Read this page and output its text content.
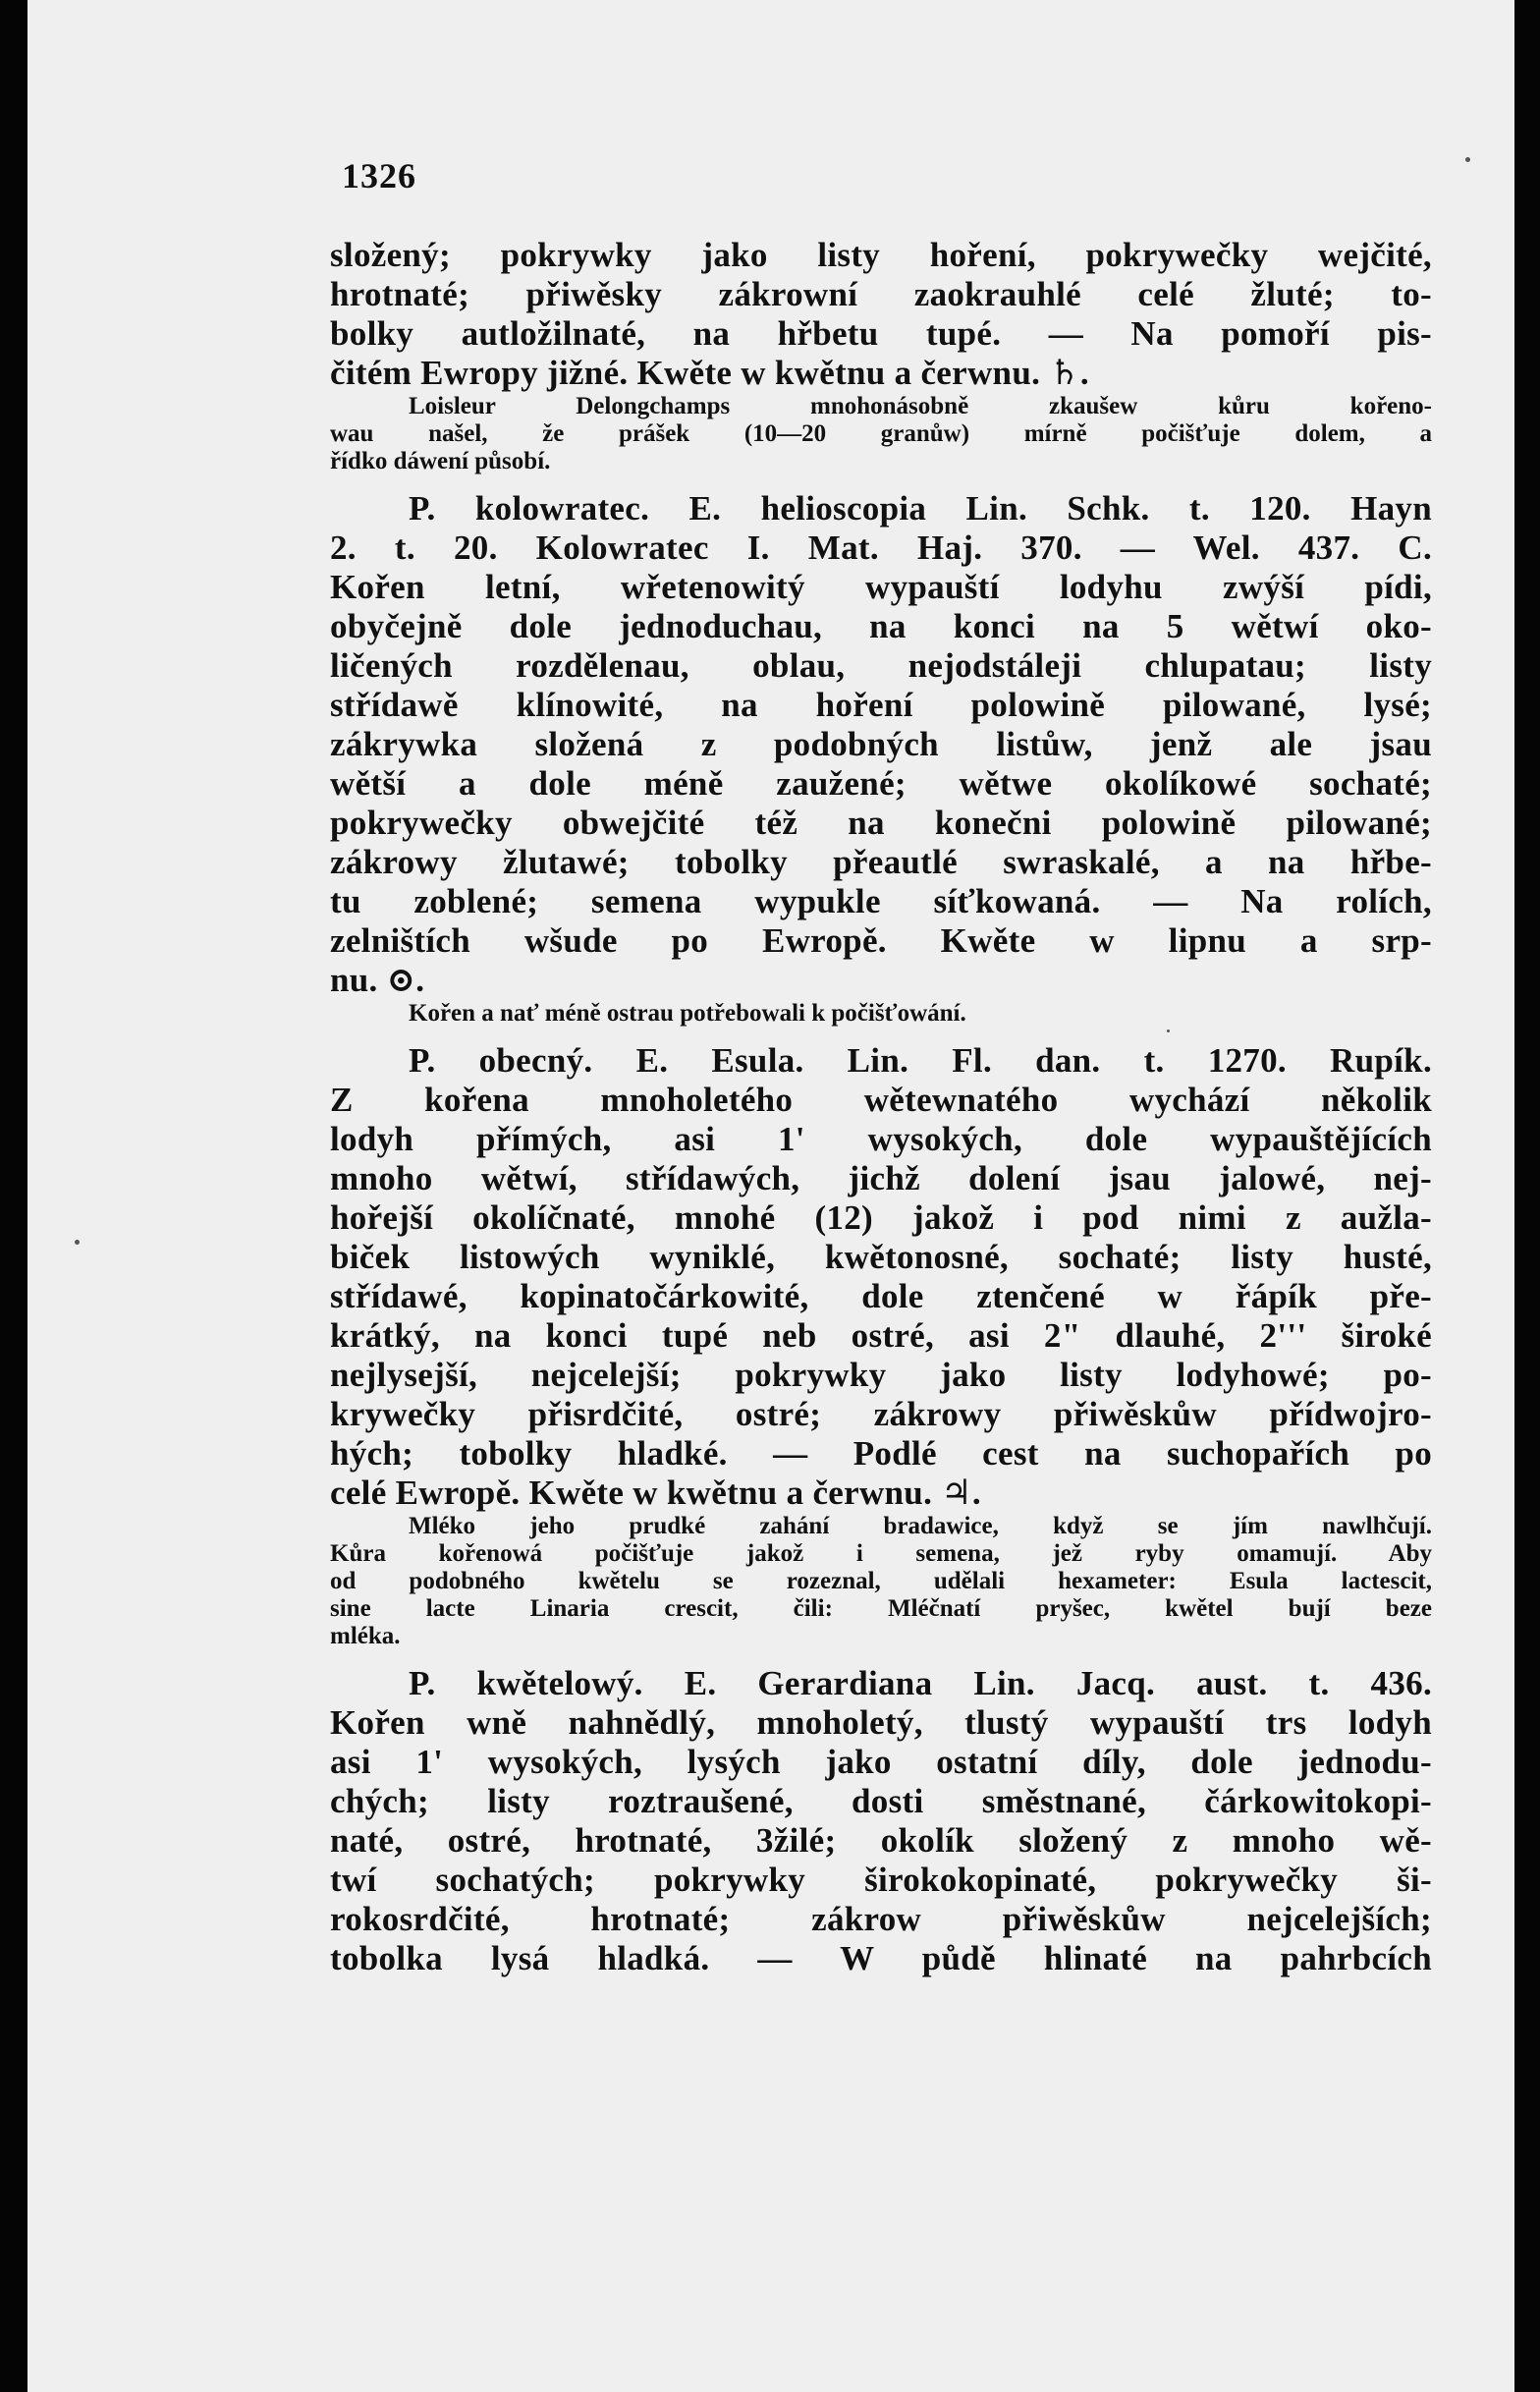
1326
složený; pokrywky jako listy hoření, pokrywečky wejčité,
hrotnaté; přiwěsky zákrowní zaokrauhlé celé žluté; to-
bolky autložilnaté, na hřbetu tupé. — Na pomoří pis-
čitém Ewropy jižné. Kwěte w kwětnu a čerwnu. ♄.
Loisleur Delongchamps mnohonásobně zkaušew kůru kořeno-
wau našel, že prášek (10—20 granůw) mírně počišťuje dolem, a
řídko dáwení působí.
P. kolowratec. E. helioscopia Lin. Schk. t. 120. Hayn
2. t. 20. Kolowratec I. Mat. Haj. 370. — Wel. 437. C.
Kořen letní, wřetenowitý wypauští lodyhu zwýší pídi,
obyčejně dole jednoduchau, na konci na 5 wětwí oko-
ličených rozdělenau, oblau, nejodstáleji chlupatau; listy
střídawě klínowité, na hoření polowině pilowané, lysé;
zákrywka složená z podobných listůw, jenž ale jsau
wětší a dole méně zaužené; wětwe okolíkowé sochaté;
pokrywečky obwejčité též na konečni polowině pilowané;
zákrowy žlutawé; tobolky přeautlé swraskalé, a na hřbe-
tu zoblené; semena wypukle síťkowaná. — Na rolích,
zelništích wšude po Ewropě. Kwěte w lipnu a srp-
nu. ⊙.
Kořen a nať méně ostrau potřebowali k počišťowání.
P. obecný. E. Esula. Lin. Fl. dan. t. 1270. Rupík.
Z kořena mnoholetého wětewnatého wychází několik
lodyh přímých, asi 1' wysokých, dole wypauštějících
mnoho wětwí, střídawých, jichž dolení jsau jalowé, nej-
hořejší okolíčnaté, mnohé (12) jakož i pod nimi z aužla-
biček listowých wyniklé, kwětonosné, sochaté; listy husté,
střídawé, kopinatočárkowité, dole ztenčené w řápík pře-
krátký, na konci tupé neb ostré, asi 2" dlauhé, 2''' široké
nejlysejší, nejcelejší; pokrywky jako listy lodyhowé; po-
krywečky přisrdčité, ostré; zákrowy přiwěskůw přídwojro-
hých; tobolky hladké. — Podlé cest na suchopařích po
celé Ewropě. Kwěte w kwětnu a čerwnu. ♃.
Mléko jeho prudké zahání bradawice, když se jím nawlhčují.
Kůra kořenowá počišťuje jakož i semena, jež ryby omamují. Aby
od podobného kwětelu se rozeznal, udělali hexameter: Esula lactescit,
sine lacte Linaria crescit, čili: Mléčnatí pryšec, kwětel bují beze
mléka.
P. kwětelowý. E. Gerardiana Lin. Jacq. aust. t. 436.
Kořen wně nahnědlý, mnoholetý, tlustý wypauští trs lodyh
asi 1' wysokých, lysých jako ostatní díly, dole jednodu-
chých; listy roztraušené, dosti směstnané, čárkowitokopi-
naté, ostré, hrotnaté, 3žilé; okolík složený z mnoho wě-
twí sochatých; pokrywky širokokopinaté, pokrywečky ši-
rokosrdčité, hrotnaté; zákrow přiwěskůw nejcelejších;
tobolka lysá hladká. — W půdě hlinaté na pahrbcích
